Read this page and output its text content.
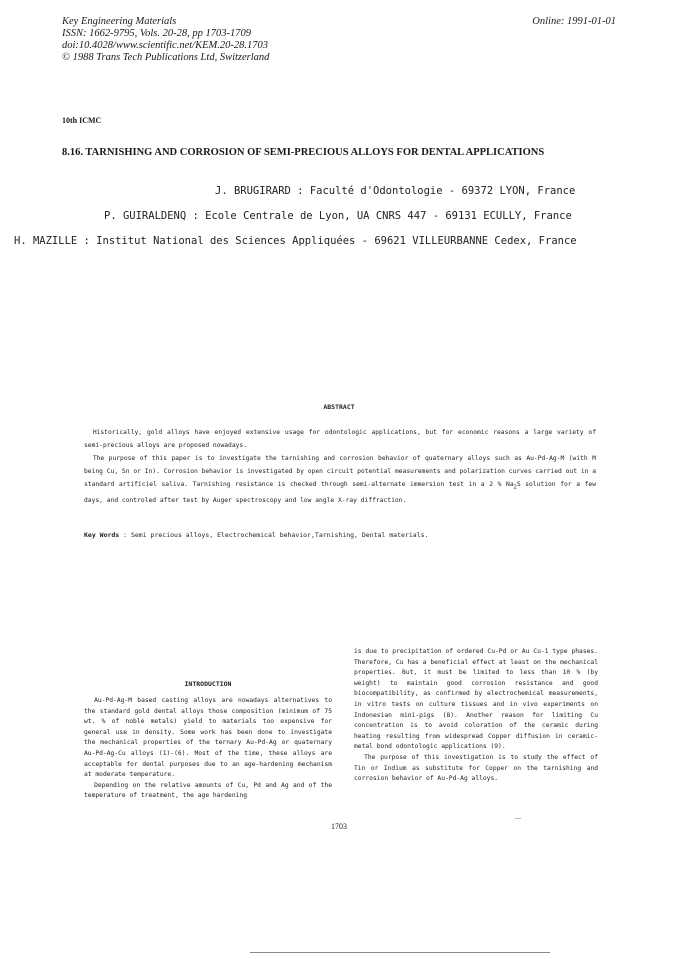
Key Engineering Materials
ISSN: 1662-9795, Vols. 20-28, pp 1703-1709
doi:10.4028/www.scientific.net/KEM.20-28.1703
© 1988 Trans Tech Publications Ltd, Switzerland
Online: 1991-01-01
10th ICMC
8.16. TARNISHING AND CORROSION OF SEMI-PRECIOUS ALLOYS FOR DENTAL APPLICATIONS
J. BRUGIRARD : Faculté d'Odontologie - 69372 LYON, France
P. GUIRALDENQ : Ecole Centrale de Lyon, UA CNRS 447 - 69131 ECULLY, France
H. MAZILLE : Institut National des Sciences Appliquées - 69621 VILLEURBANNE Cedex, France
ABSTRACT

Historically, gold alloys have enjoyed extensive usage for odontologic applications, but for economic reasons a large variety of semi-precious alloys are proposed nowadays.

The purpose of this paper is to investigate the tarnishing and corrosion behavior of quaternary alloys such as Au-Pd-Ag-M (with M being Cu, Sn or In). Corrosion behavior is investigated by open circuit potential measurements and polarization curves carried out in a standard artificiel saliva. Tarnishing resistance is checked through semi-alternate immersion test in a 2 % $Na_2S$ solution for a few days, and controled after test by Auger spectroscopy and low angle X-ray diffraction.

Key Words : Semi precious alloys, Electrochemical behavior,Tarnishing, Dental materials.
INTRODUCTION

Au-Pd-Ag-M based casting alloys are nowadays alternatives to the standard gold dental alloys those composition (minimum of 75 wt. % of noble metals) yield to materials too expensive for general use in density. Some work has been done to investigate the mechanical properties of the ternary Au-Pd-Ag or quaternary Au-Pd-Ag-Cu alloys (1)-(6). Most of the time, these alloys are acceptable for dental purposes due to an age-hardening mechanism at moderate temperature.

Depending on the relative amounts of Cu, Pd and Ag and of the temperature of treatment, the age hardening

is due to precipitation of ordered Cu-Pd or Au Cu-1 type phases. Therefore, Cu has a beneficial effect at least on the mechanical properties. But, it must be limited to less than 10 % (by weight) to maintain good corrosion resistance and good biocompatibility, as confirmed by electrochemical measurements, in vitro tests on culture tissues and in vivo experiments on Indonesian mini-pigs (8). Another reason for limiting Cu concentration is to avoid coloration of the ceramic during heating resulting from widespread Copper diffusion in ceramic-metal bond odontologic applications (9).

The purpose of this investigation is to study the effect of Tin or Indium as substitute for Copper on the tarnishing and corrosion behavior of Au-Pd-Ag alloys.

1703
